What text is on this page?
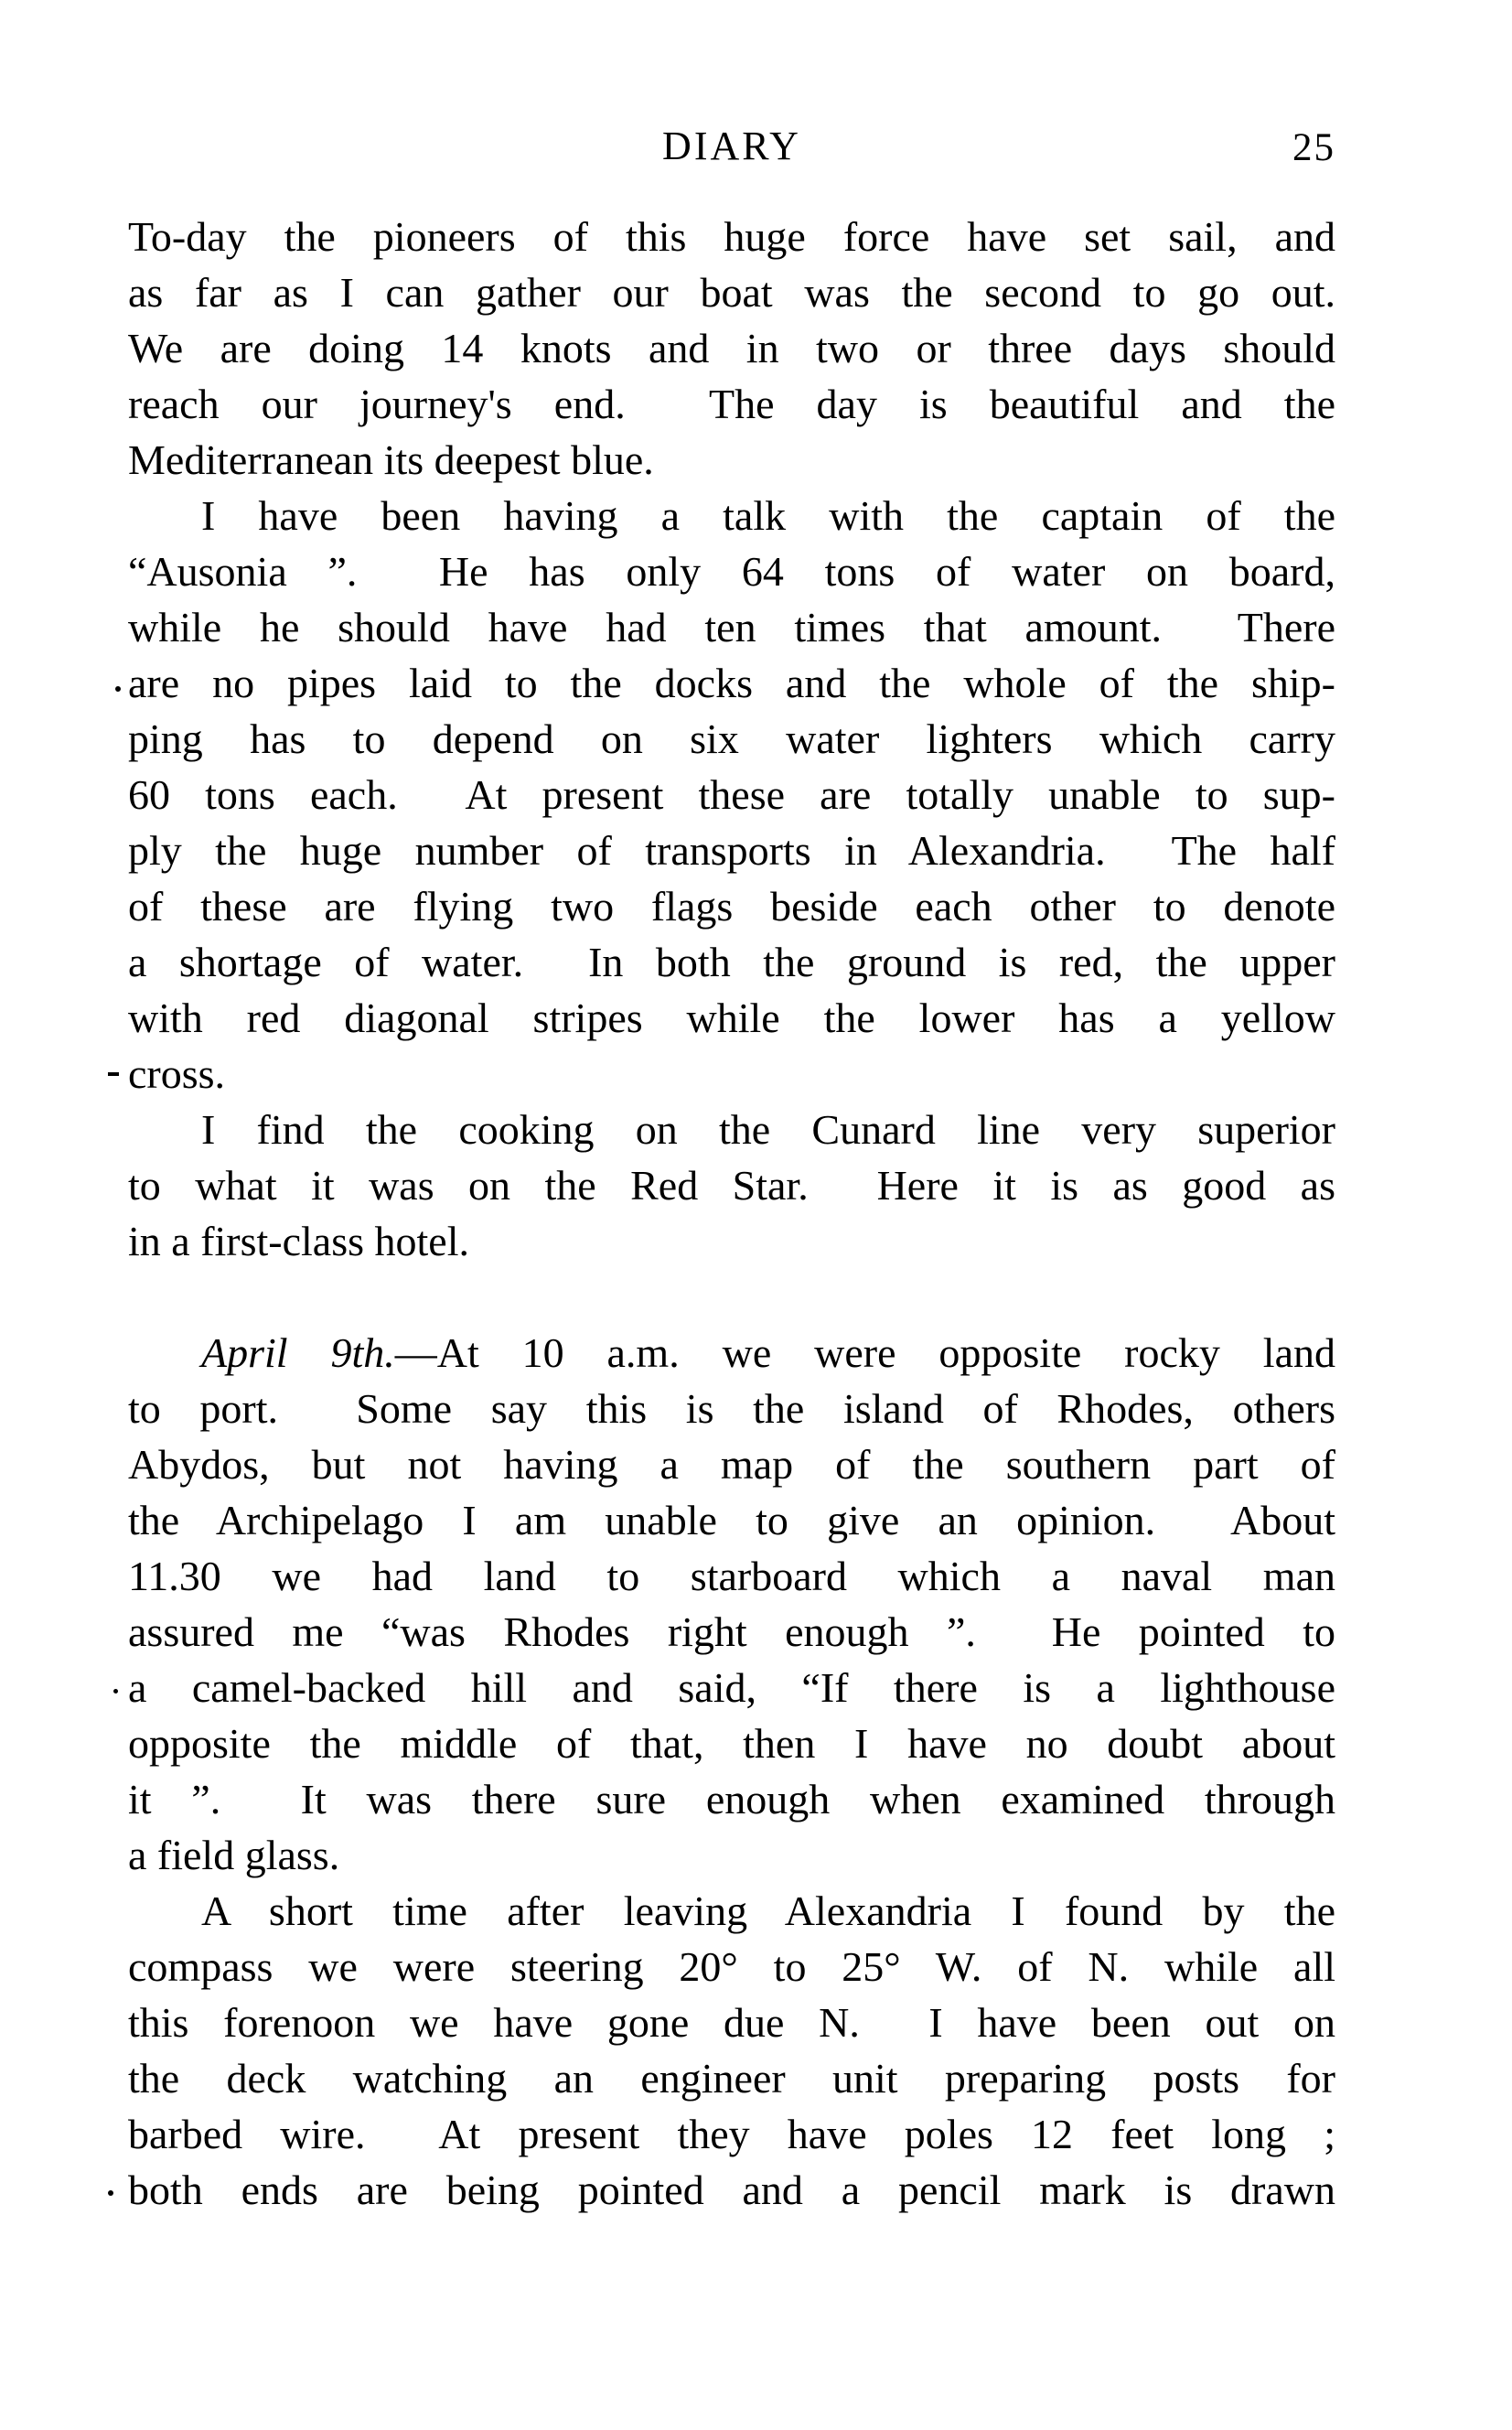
DIARY	25
To-day the pioneers of this huge force have set sail, and
as far as I can gather our boat was the second to go out.
We are doing 14 knots and in two or three days should
reach our journey's end.  The day is beautiful and the
Mediterranean its deepest blue.
I have been having a talk with the captain of the
“Ausonia ”.  He has only 64 tons of water on board,
while he should have had ten times that amount.  There
are no pipes laid to the docks and the whole of the ship-
ping has to depend on six water lighters which carry
60 tons each.  At present these are totally unable to sup-
ply the huge number of transports in Alexandria.  The half
of these are flying two flags beside each other to denote
a shortage of water.  In both the ground is red, the upper
with red diagonal stripes while the lower has a yellow
cross.
I find the cooking on the Cunard line very superior
to what it was on the Red Star.  Here it is as good as
in a first-class hotel.
April 9th.—At 10 a.m. we were opposite rocky land
to port.  Some say this is the island of Rhodes, others
Abydos, but not having a map of the southern part of
the Archipelago I am unable to give an opinion.  About
11.30 we had land to starboard which a naval man
assured me “was Rhodes right enough ”.  He pointed to
a camel-backed hill and said, “If there is a lighthouse
opposite the middle of that, then I have no doubt about
it ”.  It was there sure enough when examined through
a field glass.
A short time after leaving Alexandria I found by the
compass we were steering 20° to 25° W. of N. while all
this forenoon we have gone due N.  I have been out on
the deck watching an engineer unit preparing posts for
barbed wire.  At present they have poles 12 feet long ;
both ends are being pointed and a pencil mark is drawn
